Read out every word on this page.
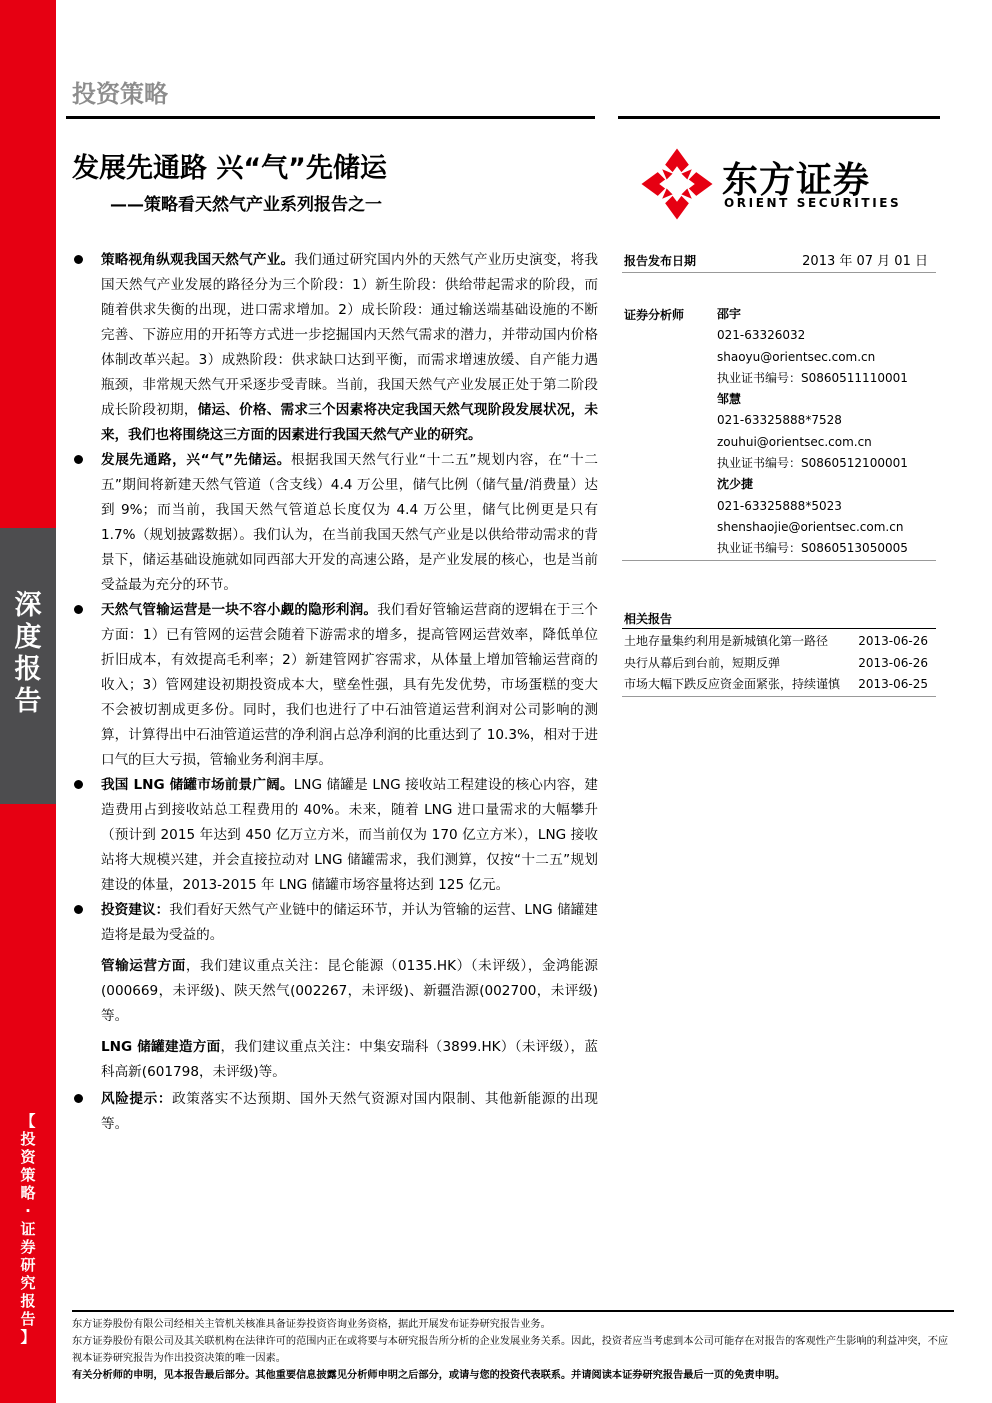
深
度
报
告
【
投
资
策
略
·
证
券
研
究
报
告
】
投资策略
发展先通路 兴“气”先储运
——策略看天然气产业系列报告之一
东方证券
ORIENT SECURITIES

策略视角纵观我国天然气产业。我们通过研究国内外的天然气产业历史演变，将我国天然气产业发展的路径分为三个阶段：1）新生阶段：供给带起需求的阶段，而随着供求失衡的出现，进口需求增加。2）成长阶段：通过输送端基础设施的不断完善、下游应用的开拓等方式进一步挖掘国内天然气需求的潜力，并带动国内价格体制改革兴起。3）成熟阶段：供求缺口达到平衡，而需求增速放缓、自产能力遇瓶颈，非常规天然气开采逐步受青睐。当前，我国天然气产业发展正处于第二阶段成长阶段初期，储运、价格、需求三个因素将决定我国天然气现阶段发展状况，未来，我们也将围绕这三方面的因素进行我国天然气产业的研究。

发展先通路，兴“气”先储运。根据我国天然气行业“十二五”规划内容，在“十二五”期间将新建天然气管道（含支线）4.4 万公里，储气比例（储气量/消费量）达到 9%；而当前，我国天然气管道总长度仅为 4.4 万公里，储气比例更是只有 1.7%（规划披露数据）。我们认为，在当前我国天然气产业是以供给带动需求的背景下，储运基础设施就如同西部大开发的高速公路，是产业发展的核心，也是当前受益最为充分的环节。

天然气管输运营是一块不容小觑的隐形利润。我们看好管输运营商的逻辑在于三个方面：1）已有管网的运营会随着下游需求的增多，提高管网运营效率，降低单位折旧成本，有效提高毛利率；2）新建管网扩容需求，从体量上增加管输运营商的收入；3）管网建设初期投资成本大，壁垒性强，具有先发优势，市场蛋糕的变大不会被切割成更多份。同时，我们也进行了中石油管道运营利润对公司影响的测算，计算得出中石油管道运营的净利润占总净利润的比重达到了 10.3%，相对于进口气的巨大亏损，管输业务利润丰厚。

我国 LNG 储罐市场前景广阔。LNG 储罐是 LNG 接收站工程建设的核心内容，建造费用占到接收站总工程费用的 40%。未来，随着 LNG 进口量需求的大幅攀升（预计到 2015 年达到 450 亿万立方米，而当前仅为 170 亿立方米），LNG 接收站将大规模兴建，并会直接拉动对 LNG 储罐需求，我们测算，仅按“十二五”规划建设的体量，2013-2015 年 LNG 储罐市场容量将达到 125 亿元。

投资建议：我们看好天然气产业链中的储运环节，并认为管输的运营、LNG 储罐建造将是最为受益的。

管输运营方面，我们建议重点关注：昆仑能源（0135.HK）（未评级），金鸿能源(000669，未评级)、陕天然气(002267，未评级)、新疆浩源(002700，未评级)等。

LNG 储罐建造方面，我们建议重点关注：中集安瑞科（3899.HK）（未评级），蓝科高新(601798，未评级)等。

风险提示：政策落实不达预期、国外天然气资源对国内限制、其他新能源的出现等。

报告发布日期	2013 年 07 月 01 日
证券分析师	邵宇
021-63326032
shaoyu@orientsec.com.cn
执业证书编号：S0860511110001
邹慧
021-63325888*7528
zouhui@orientsec.com.cn
执业证书编号：S0860512100001
沈少捷
021-63325888*5023
shenshaojie@orientsec.com.cn
执业证书编号：S0860513050005
相关报告
土地存量集约利用是新城镇化第一路径	2013-06-26
央行从幕后到台前，短期反弹	2013-06-26
市场大幅下跌反应资金面紧张，持续谨慎 2013-06-25

东方证券股份有限公司经相关主管机关核准具备证券投资咨询业务资格，据此开展发布证券研究报告业务。

东方证券股份有限公司及其关联机构在法律许可的范围内正在或将要与本研究报告所分析的企业发展业务关系。因此，投资者应当考虑到本公司可能存在对报告的客观性产生影响的利益冲突，不应视本证券研究报告为作出投资决策的唯一因素。

有关分析师的申明，见本报告最后部分。其他重要信息披露见分析师申明之后部分，或请与您的投资代表联系。并请阅读本证券研究报告最后一页的免责申明。
